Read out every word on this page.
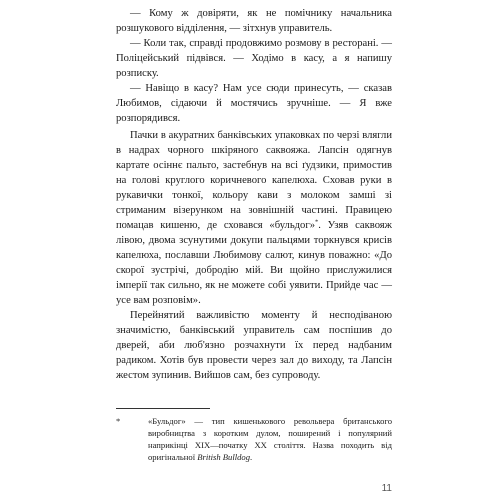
— Кому ж довіряти, як не помічнику начальника розшукового відділення, — зітхнув управитель.

— Коли так, справді продовжимо розмову в ресторані. — Поліцейський підвівся. — Ходімо в касу, а я напишу розписку.

— Навіщо в касу? Нам усе сюди принесуть, — сказав Любимов, сідаючи й мостячись зручніше. — Я вже розпорядився.

Пачки в акуратних банківських упаковках по черзі влягли в надрах чорного шкіряного саквояжа. Лапсін одягнув картате осіннє пальто, застебнув на всі ґудзики, примостив на голові круглого коричневого капелюха. Сховав руки в рукавички тонкої, кольору кави з молоком замші зі стриманим візерунком на зовнішній частині. Правицею помацав кишеню, де сховався «бульдог»*. Узяв саквояж лівою, двома зсунутими докупи пальцями торкнувся крисів капелюха, пославши Любимову салют, кинув поважно: «До скорої зустрічі, добродію мій. Ви щойно прислужилися імперії так сильно, як не можете собі уявити. Прийде час — усе вам розповім».

Перейнятий важливістю моменту й несподіваною значимістю, банківський управитель сам поспішив до дверей, аби люб'язно розчахнути їх перед надбаним радиком. Хотів був провести через зал до виходу, та Лапсін жестом зупинив. Вийшов сам, без супроводу.

*	«Бульдог» — тип кишенькового револьвера британського виробництва з коротким дулом, поширений і популярний наприкінці XIX—початку XX століття. Назва походить від оригінальної British Bulldog.
11
